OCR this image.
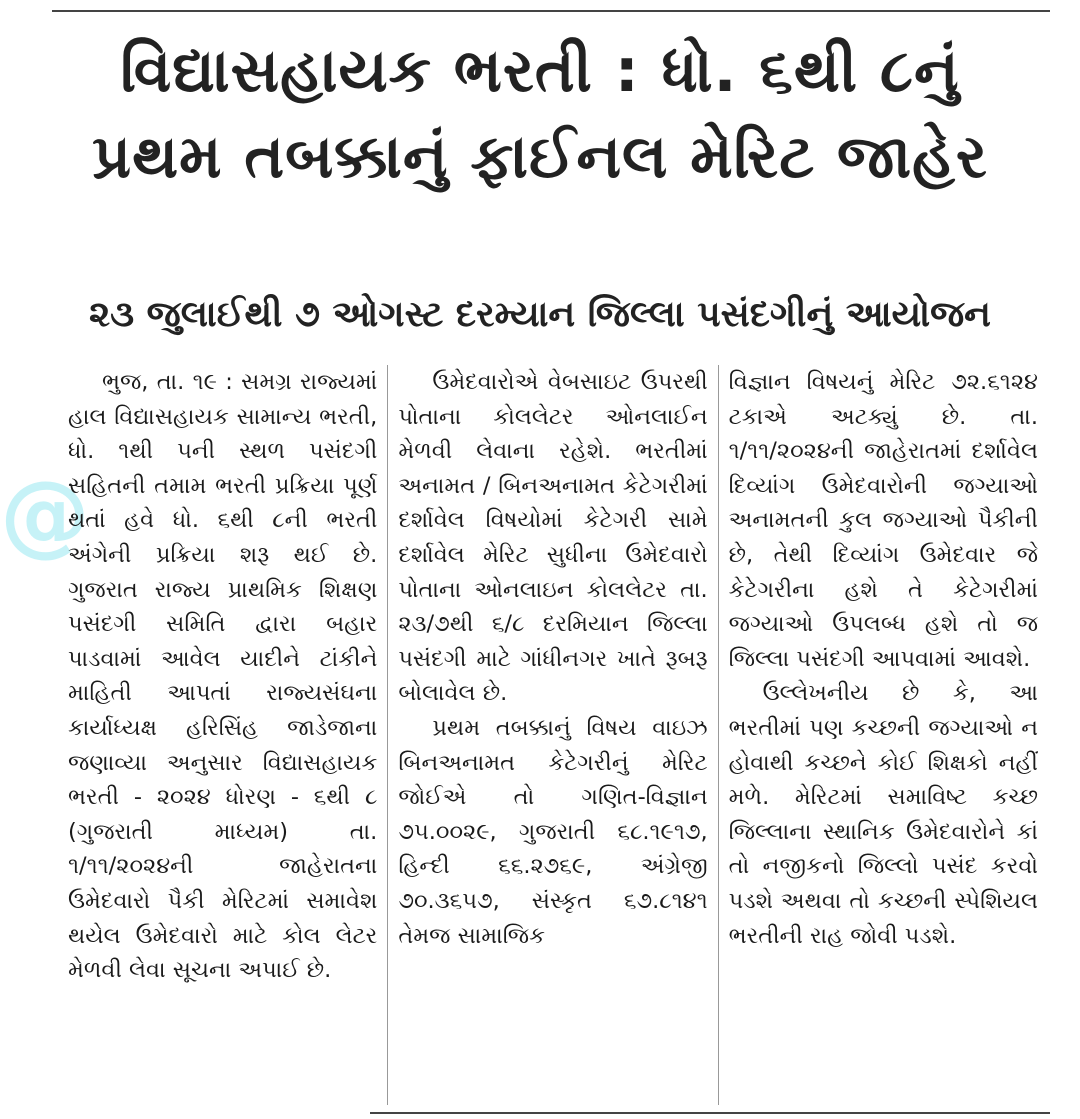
@
વિદ્યાસહાયક ભરતી : ધો. ૬થી ૮નું
પ્રથમ તબક્કાનું ફાઈનલ મેરિટ જાહેર
૨૩ જુલાઈથી ૭ ઓગસ્ટ દરમ્યાન જિલ્લા પસંદગીનું આયોજન

ભુજ, તા. ૧૯ : સમગ્ર રાજ્યમાં હાલ વિદ્યાસહાયક સામાન્ય ભરતી, ધો. ૧થી ૫ની સ્થળ પસંદગી સહિતની તમામ ભરતી પ્રક્રિયા પૂર્ણ થતાં હવે ધો. ૬થી ૮ની ભરતી અંગેની પ્રક્રિયા શરૂ થઈ છે. ગુજરાત રાજ્ય પ્રાથમિક શિક્ષણ પસંદગી સમિતિ દ્વારા બહાર પાડવામાં આવેલ યાદીને ટાંકીને માહિતી આપતાં રાજ્યસંઘના કાર્યાધ્યક્ષ હરિસિંહ જાડેજાના જણાવ્યા અનુસાર વિદ્યાસહાયક ભરતી - ૨૦૨૪ ધોરણ - ૬થી ૮ (ગુજરાતી માધ્યમ) તા. ૧/૧૧/૨૦૨૪ની જાહેરાતના ઉમેદવારો પૈકી મેરિટમાં સમાવેશ થયેલ ઉમેદવારો માટે કોલ લેટર મેળવી લેવા સૂચના અપાઈ છે.

ઉમેદવારોએ વેબસાઇટ ઉપરથી પોતાના કોલલેટર ઓનલાઈન મેળવી લેવાના રહેશે. ભરતીમાં અનામત / બિનઅનામત કેટેગરીમાં દર્શાવેલ વિષયોમાં કેટેગરી સામે દર્શાવેલ મેરિટ સુધીના ઉમેદવારો પોતાના ઓનલાઇન કોલલેટર તા. ૨૩/૭થી ૬/૮ દરમિયાન જિલ્લા પસંદગી માટે ગાંધીનગર ખાતે રૂબરૂ બોલાવેલ છે.

પ્રથમ તબક્કાનું વિષય વાઇઝ બિનઅનામત કેટેગરીનું મેરિટ જોઈએ તો ગણિત-વિજ્ઞાન ૭૫.૦૦૨૯, ગુજરાતી ૬૮.૧૯૧૭, હિન્દી ૬૬.૨૭૬૯, અંગ્રેજી ૭૦.૩૬૫૭, સંસ્કૃત ૬૭.૮૧૪૧ તેમજ સામાજિક

વિજ્ઞાન વિષયનું મેરિટ ૭૨.૬૧૨૪ ટકાએ અટક્યું છે. તા. ૧/૧૧/૨૦૨૪ની જાહેરાતમાં દર્શાવેલ દિવ્યાંગ ઉમેદવારોની જગ્યાઓ અનામતની કુલ જગ્યાઓ પૈકીની છે, તેથી દિવ્યાંગ ઉમેદવાર જે કેટેગરીના હશે તે કેટેગરીમાં જગ્યાઓ ઉપલબ્ધ હશે તો જ જિલ્લા પસંદગી આપવામાં આવશે.

ઉલ્લેખનીય છે કે, આ ભરતીમાં પણ કચ્છની જગ્યાઓ ન હોવાથી કચ્છને કોઈ શિક્ષકો નહીં મળે. મેરિટમાં સમાવિષ્ટ કચ્છ જિલ્લાના સ્થાનિક ઉમેદવારોને કાં તો નજીકનો જિલ્લો પસંદ કરવો પડશે અથવા તો કચ્છની સ્પેશિયલ ભરતીની રાહ જોવી પડશે.
